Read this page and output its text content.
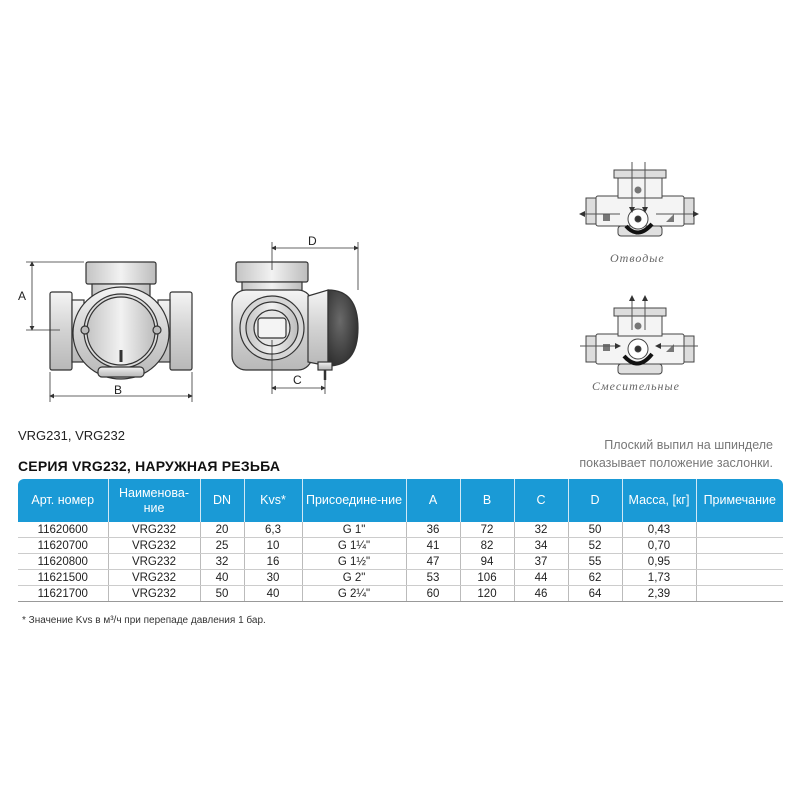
A
B
D
C
Отводые
Смесительные
VRG231, VRG232
Плоский выпил на шпинделе
показывает положение заслонки.
СЕРИЯ VRG232, НАРУЖНАЯ РЕЗЬБА
Арт. номер	Наименова-ние	DN	Kvs*	Присоедине-ние	A	B	C	D	Масса, [кг]	Примечание
11620600	VRG232	20	6,3	G 1"	36	72	32	50	0,43	
11620700	VRG232	25	10	G 1¼"	41	82	34	52	0,70	
11620800	VRG232	32	16	G 1½"	47	94	37	55	0,95	
11621500	VRG232	40	30	G 2"	53	106	44	62	1,73	
11621700	VRG232	50	40	G 2¼"	60	120	46	64	2,39	
* Значение Kvs в м³/ч при перепаде давления 1 бар.
